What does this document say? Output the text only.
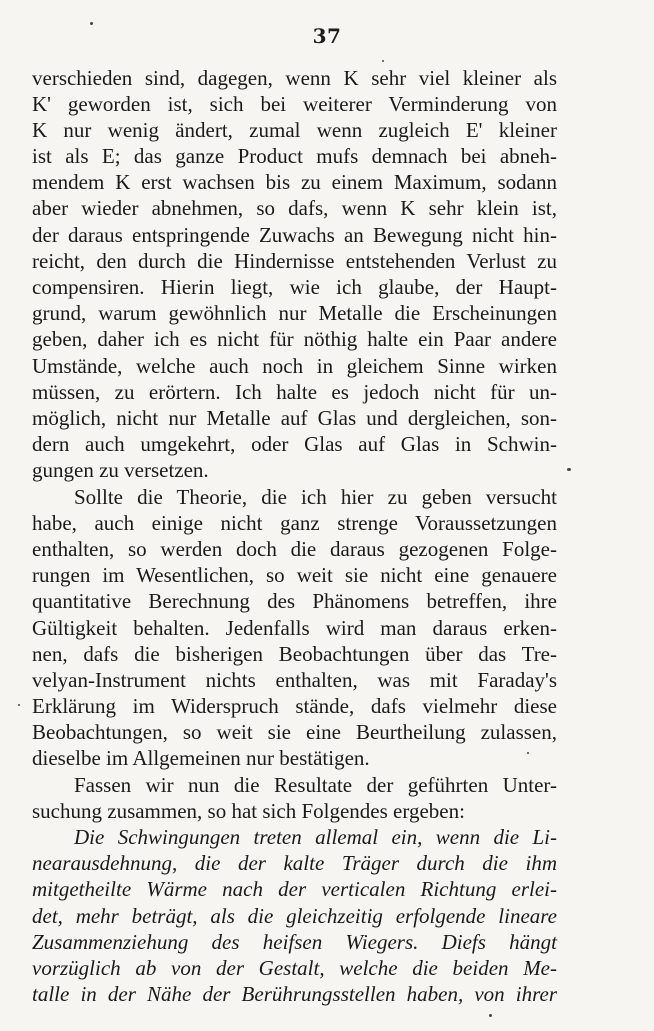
37
verschieden sind, dagegen, wenn K sehr viel kleiner als
K' geworden ist, sich bei weiterer Verminderung von
K nur wenig ändert, zumal wenn zugleich E' kleiner
ist als E; das ganze Product mufs demnach bei abneh-
mendem K erst wachsen bis zu einem Maximum, sodann
aber wieder abnehmen, so dafs, wenn K sehr klein ist,
der daraus entspringende Zuwachs an Bewegung nicht hin-
reicht, den durch die Hindernisse entstehenden Verlust zu
compensiren. Hierin liegt, wie ich glaube, der Haupt-
grund, warum gewöhnlich nur Metalle die Erscheinungen
geben, daher ich es nicht für nöthig halte ein Paar andere
Umstände, welche auch noch in gleichem Sinne wirken
müssen, zu erörtern. Ich halte es jedoch nicht für un-
möglich, nicht nur Metalle auf Glas und dergleichen, son-
dern auch umgekehrt, oder Glas auf Glas in Schwin-
gungen zu versetzen.
Sollte die Theorie, die ich hier zu geben versucht
habe, auch einige nicht ganz strenge Voraussetzungen
enthalten, so werden doch die daraus gezogenen Folge-
rungen im Wesentlichen, so weit sie nicht eine genauere
quantitative Berechnung des Phänomens betreffen, ihre
Gültigkeit behalten. Jedenfalls wird man daraus erken-
nen, dafs die bisherigen Beobachtungen über das Tre-
velyan-Instrument nichts enthalten, was mit Faraday's
Erklärung im Widerspruch stände, dafs vielmehr diese
Beobachtungen, so weit sie eine Beurtheilung zulassen,
dieselbe im Allgemeinen nur bestätigen.
Fassen wir nun die Resultate der geführten Unter-
suchung zusammen, so hat sich Folgendes ergeben:
Die Schwingungen treten allemal ein, wenn die Li-
nearausdehnung, die der kalte Träger durch die ihm
mitgetheilte Wärme nach der verticalen Richtung erlei-
det, mehr beträgt, als die gleichzeitig erfolgende lineare
Zusammenziehung des heifsen Wiegers. Diefs hängt
vorzüglich ab von der Gestalt, welche die beiden Me-
talle in der Nähe der Berührungsstellen haben, von ihrer
